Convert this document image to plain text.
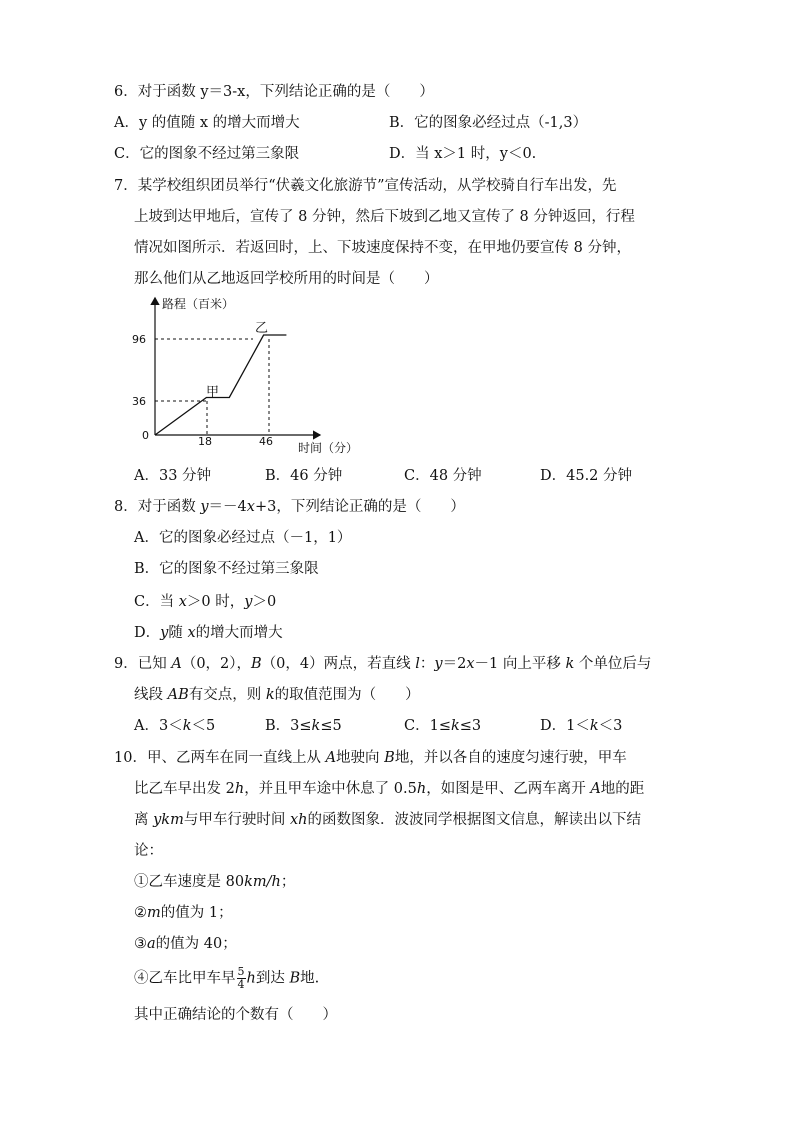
6．对于函数 y＝3-x，下列结论正确的是（　　）
A．y 的值随 x 的增大而增大	B．它的图象必经过点（-1,3）
C．它的图象不经过第三象限	D．当 x＞1 时，y＜0.
7．某学校组织团员举行“伏羲文化旅游节”宣传活动，从学校骑自行车出发，先
上坡到达甲地后，宣传了 8 分钟，然后下坡到乙地又宣传了 8 分钟返回，行程
情况如图所示．若返回时，上、下坡速度保持不变，在甲地仍要宣传 8 分钟，
那么他们从乙地返回学校所用的时间是（　　）
路程（百米）
时间（分）
0
96
36
18	46
甲
乙
A．33 分钟	B．46 分钟	C．48 分钟	D．45.2 分钟
8．对于函数 y＝－4x+3，下列结论正确的是（　　）
A．它的图象必经过点（－1，1）
B．它的图象不经过第三象限
C．当 x＞0 时，y＞0
D．y随 x的增大而增大
9．已知 A（0，2），B（0，4）两点，若直线 l：y＝2x－1 向上平移 k 个单位后与
线段 AB有交点，则 k的取值范围为（　　）
A．3＜k＜5	B．3≤k≤5	C．1≤k≤3	D．1＜k＜3
10．甲、乙两车在同一直线上从 A地驶向 B地，并以各自的速度匀速行驶，甲车
比乙车早出发 2h，并且甲车途中休息了 0.5h，如图是甲、乙两车离开 A地的距
离 ykm与甲车行驶时间 xh的函数图象．波波同学根据图文信息，解读出以下结
论：
①乙车速度是 80km/h；
②m的值为 1；
③a的值为 40；
④乙车比甲车早 $\frac{5}{4}$ h到达 B地.
其中正确结论的个数有（　　）
